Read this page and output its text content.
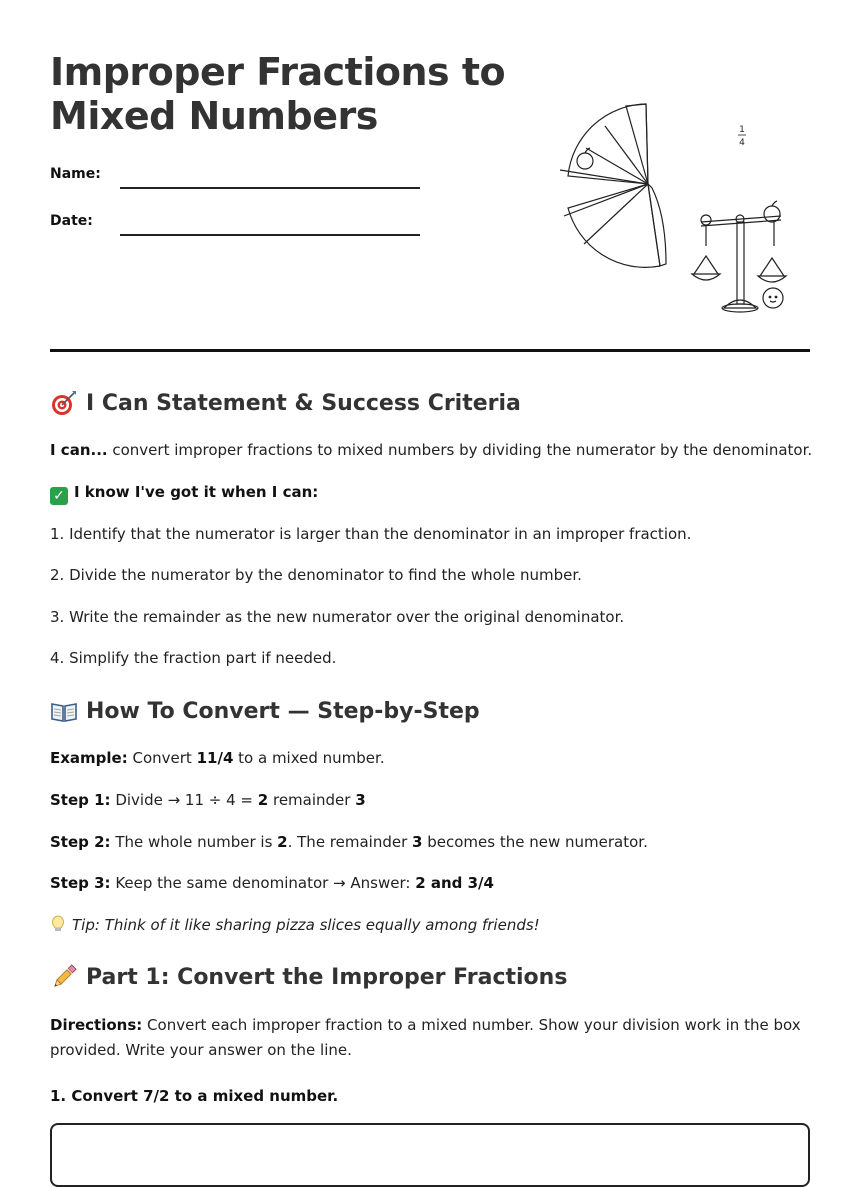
Improper Fractions to
Mixed Numbers
Name:
Date:
1
4
I Can Statement & Success Criteria
I can... convert improper fractions to mixed numbers by dividing the numerator by the denominator.
✓ I know I've got it when I can:
1. Identify that the numerator is larger than the denominator in an improper fraction.
2. Divide the numerator by the denominator to find the whole number.
3. Write the remainder as the new numerator over the original denominator.
4. Simplify the fraction part if needed.
How To Convert — Step-by-Step
Example: Convert 11/4 to a mixed number.
Step 1: Divide → 11 ÷ 4 = 2 remainder 3
Step 2: The whole number is 2. The remainder 3 becomes the new numerator.
Step 3: Keep the same denominator → Answer: 2 and 3/4
Tip: Think of it like sharing pizza slices equally among friends!
Part 1: Convert the Improper Fractions
Directions: Convert each improper fraction to a mixed number. Show your division work in the box provided. Write your answer on the line.
1. Convert 7/2 to a mixed number.
